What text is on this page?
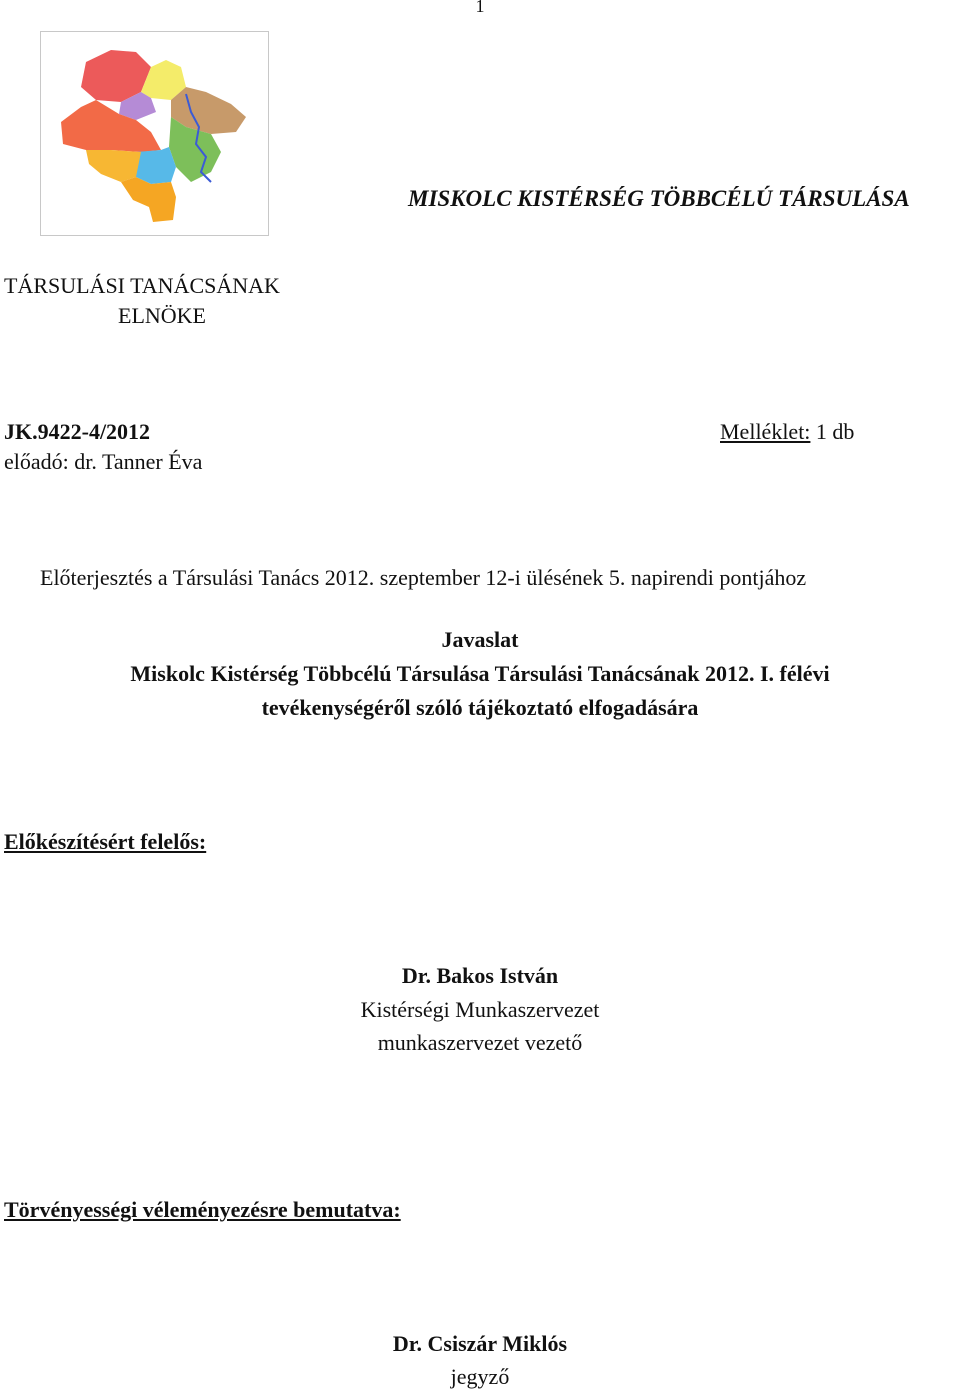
1
MISKOLC KISTÉRSÉG TÖBBCÉLÚ TÁRSULÁSA
TÁRSULÁSI TANÁCSÁNAK
ELNÖKE
JK.9422-4/2012
előadó: dr. Tanner Éva
Melléklet: 1 db
Előterjesztés a Társulási Tanács 2012. szeptember 12-i ülésének 5. napirendi pontjához
Javaslat
Miskolc Kistérség Többcélú Társulása Társulási Tanácsának 2012. I. félévi
tevékenységéről szóló tájékoztató elfogadására
Előkészítésért felelős:
Dr. Bakos István
Kistérségi Munkaszervezet
munkaszervezet vezető
Törvényességi véleményezésre bemutatva:
Dr. Csiszár Miklós
jegyző
